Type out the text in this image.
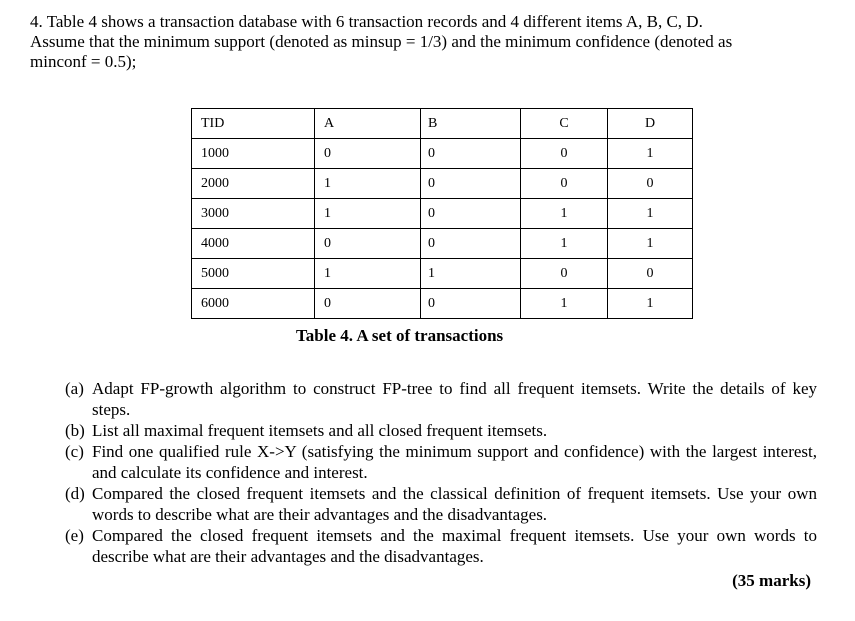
4. Table 4 shows a transaction database with 6 transaction records and 4 different items A, B, C, D.
Assume that the minimum support (denoted as minsup = 1/3) and the minimum confidence (denoted as
minconf = 0.5);
TID	A	B	C	D
1000	0	0	0	1
2000	1	0	0	0
3000	1	0	1	1
4000	0	0	1	1
5000	1	1	0	0
6000	0	0	1	1
Table 4. A set of transactions
(a) Adapt FP-growth algorithm to construct FP-tree to find all frequent itemsets. Write the details of key steps.
(b) List all maximal frequent itemsets and all closed frequent itemsets.
(c) Find one qualified rule X->Y (satisfying the minimum support and confidence) with the largest interest, and calculate its confidence and interest.
(d) Compared the closed frequent itemsets and the classical definition of frequent itemsets. Use your own words to describe what are their advantages and the disadvantages.
(e) Compared the closed frequent itemsets and the maximal frequent itemsets. Use your own words to describe what are their advantages and the disadvantages.
(35 marks)
